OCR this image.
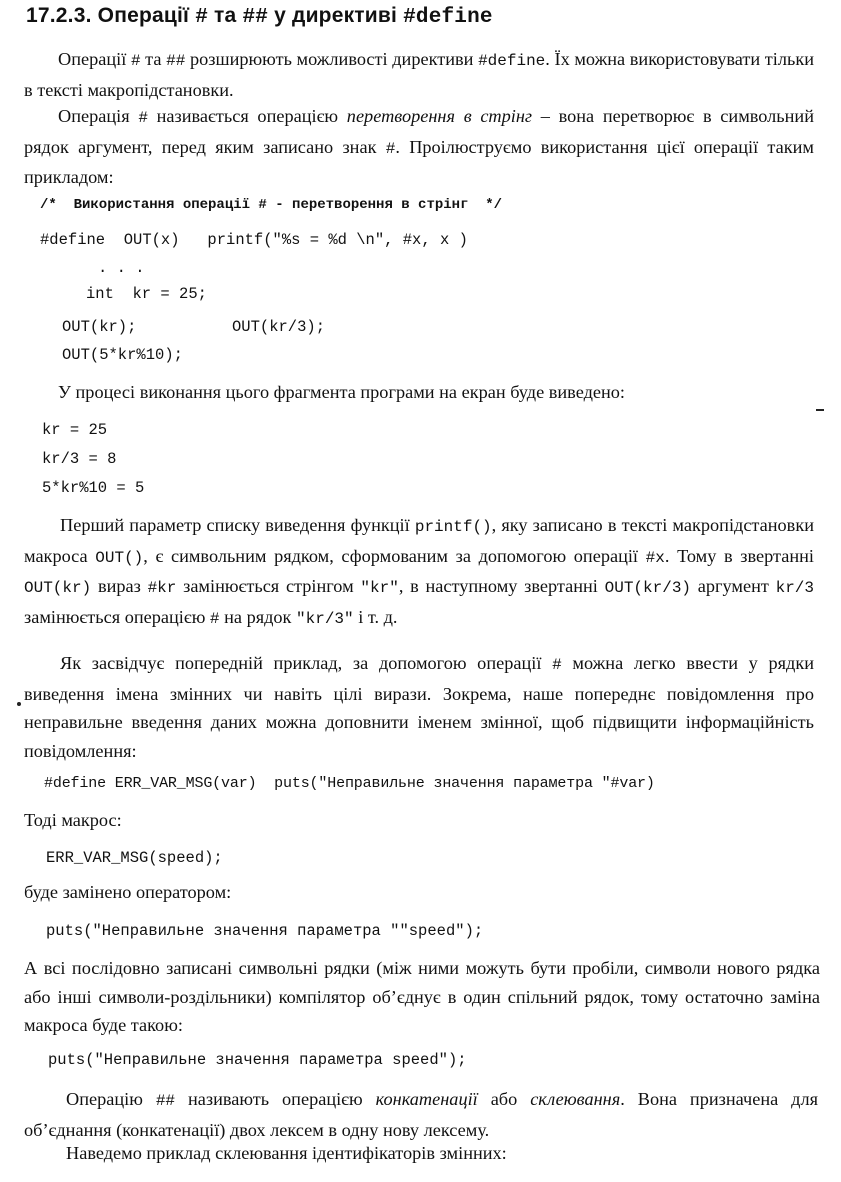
17.2.3. Операції # та ## у директиві #define

Операції # та ## розширюють можливості директиви #define. Їх можна використовувати тільки в тексті макропідстановки.

Операція # називається операцією перетворення в стрінг – вона перетворює в символьний рядок аргумент, перед яким записано знак #. Проілюструємо використання цієї операції таким прикладом:

/*  Використання операції # - перетворення в стрінг  */
#define  OUT(x)   printf("%s = %d \n", #x, x )
. . .
int  kr = 25;
OUT(kr);	OUT(kr/3);
OUT(5*kr%10);

У процесі виконання цього фрагмента програми на екран буде виведено:

kr = 25
kr/3 = 8
5*kr%10 = 5

Перший параметр списку виведення функції printf(), яку записано в тексті макропідстановки макроса OUT(), є символьним рядком, сформованим за допомогою операції #x. Тому в звертанні OUT(kr) вираз #kr замінюється стрінгом "kr", в наступному звертанні OUT(kr/3) аргумент kr/3 замінюється операцією # на рядок "kr/3" і т. д.

Як засвідчує попередній приклад, за допомогою операції # можна легко ввести у рядки виведення імена змінних чи навіть цілі вирази. Зокрема, наше попереднє повідомлення про неправильне введення даних можна доповнити іменем змінної, щоб підвищити інформаційність повідомлення:

#define ERR_VAR_MSG(var)  puts("Неправильне значення параметра "#var)

Тоді макрос:

ERR_VAR_MSG(speed);

буде замінено оператором:

puts("Неправильне значення параметра ""speed");

А всі послідовно записані символьні рядки (між ними можуть бути пробіли, символи нового рядка або інші символи-роздільники) компілятор об’єднує в один спільний рядок, тому остаточно заміна макроса буде такою:

puts("Неправильне значення параметра speed");

Операцію ## називають операцією конкатенації або склеювання. Вона призначена для об’єднання (конкатенації) двох лексем в одну нову лексему.

Наведемо приклад склеювання ідентифікаторів змінних:
